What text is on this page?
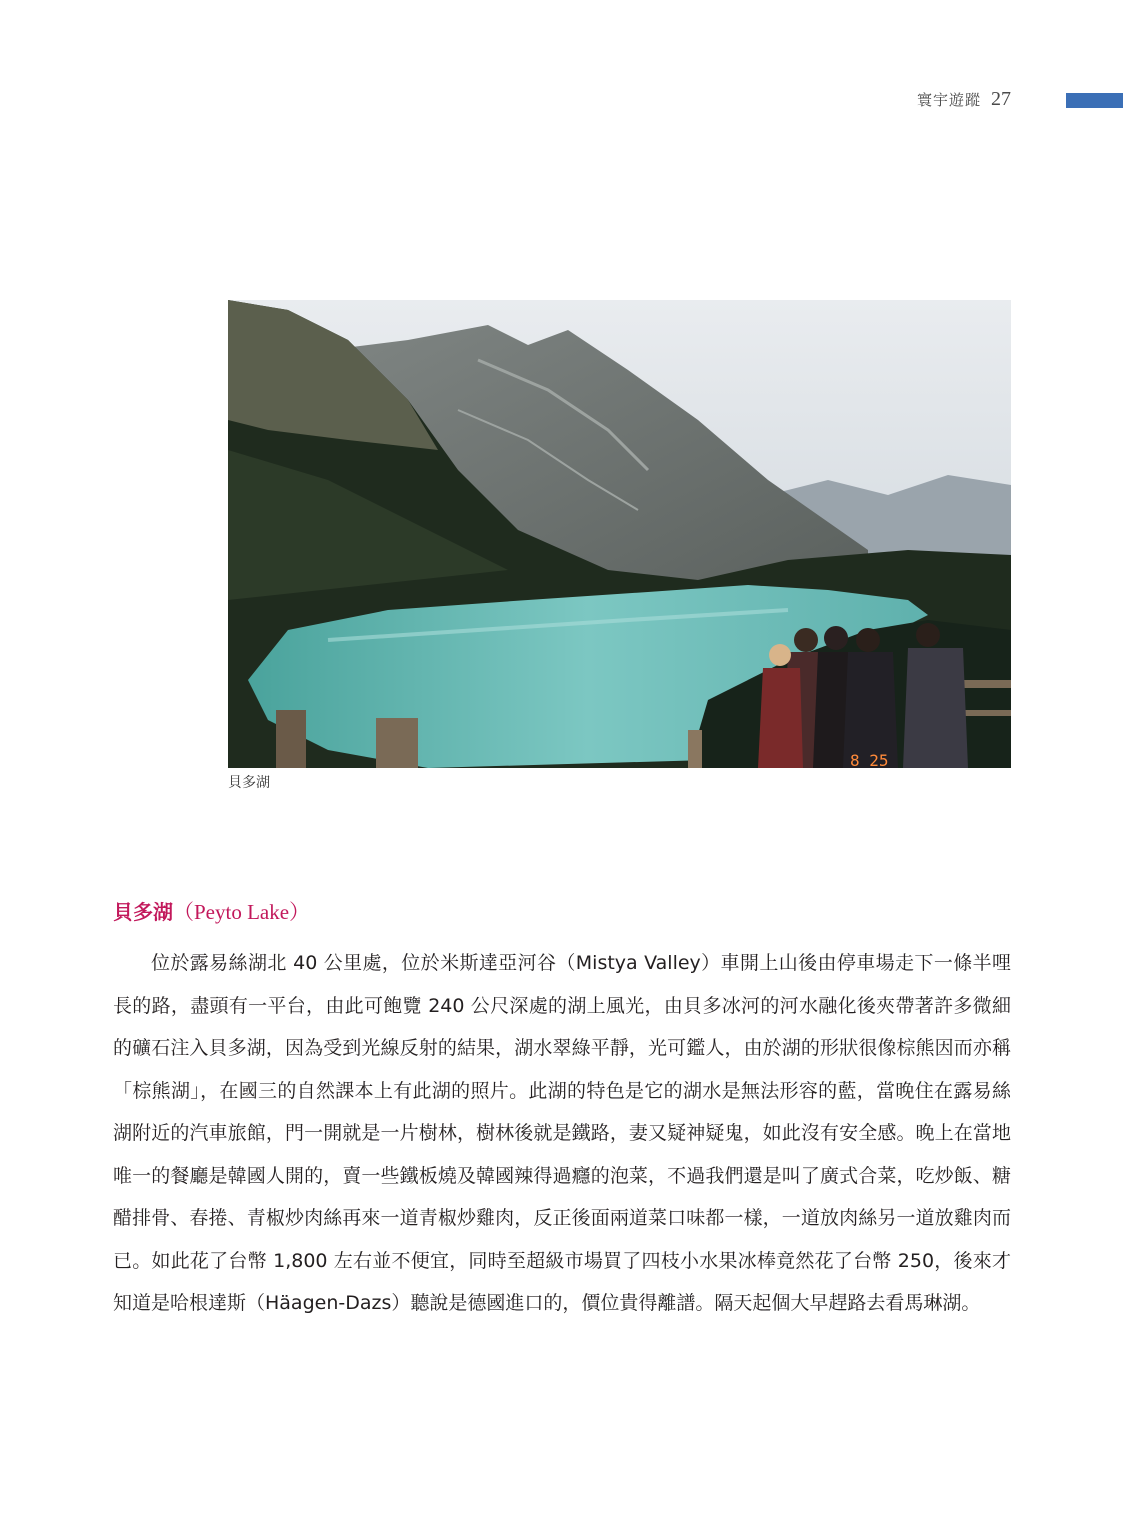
寰宇遊蹤 27
8 25
貝多湖
貝多湖（Peyto Lake）
位於露易絲湖北 40 公里處，位於米斯達亞河谷（Mistya Valley）車開上山後由停車場走下一條半哩長的路，盡頭有一平台，由此可飽覽 240 公尺深處的湖上風光，由貝多冰河的河水融化後夾帶著許多微細的礦石注入貝多湖，因為受到光線反射的結果，湖水翠綠平靜，光可鑑人，由於湖的形狀很像棕熊因而亦稱「棕熊湖」，在國三的自然課本上有此湖的照片。此湖的特色是它的湖水是無法形容的藍，當晚住在露易絲湖附近的汽車旅館，門一開就是一片樹林，樹林後就是鐵路，妻又疑神疑鬼，如此沒有安全感。晚上在當地唯一的餐廳是韓國人開的，賣一些鐵板燒及韓國辣得過癮的泡菜，不過我們還是叫了廣式合菜，吃炒飯、糖醋排骨、春捲、青椒炒肉絲再來一道青椒炒雞肉，反正後面兩道菜口味都一樣，一道放肉絲另一道放雞肉而已。如此花了台幣 1,800 左右並不便宜，同時至超級市場買了四枝小水果冰棒竟然花了台幣 250，後來才知道是哈根達斯（Häagen-Dazs）聽說是德國進口的，價位貴得離譜。隔天起個大早趕路去看馬琳湖。
